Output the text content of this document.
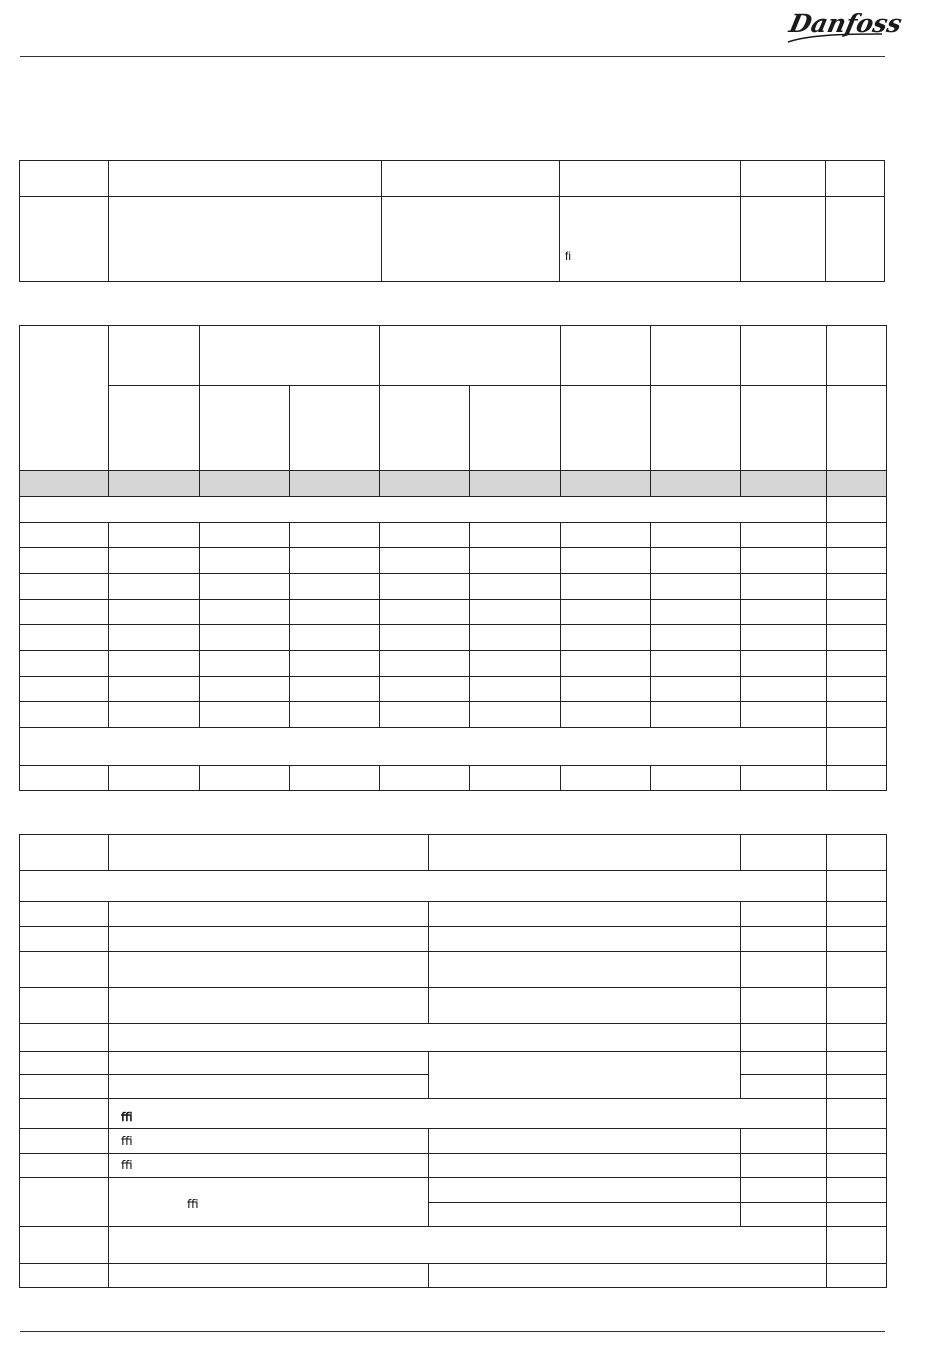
Danfoss

			ﬁ		

	ﬃ			
	ﬃ			
	ﬃ			
	ﬃ			
